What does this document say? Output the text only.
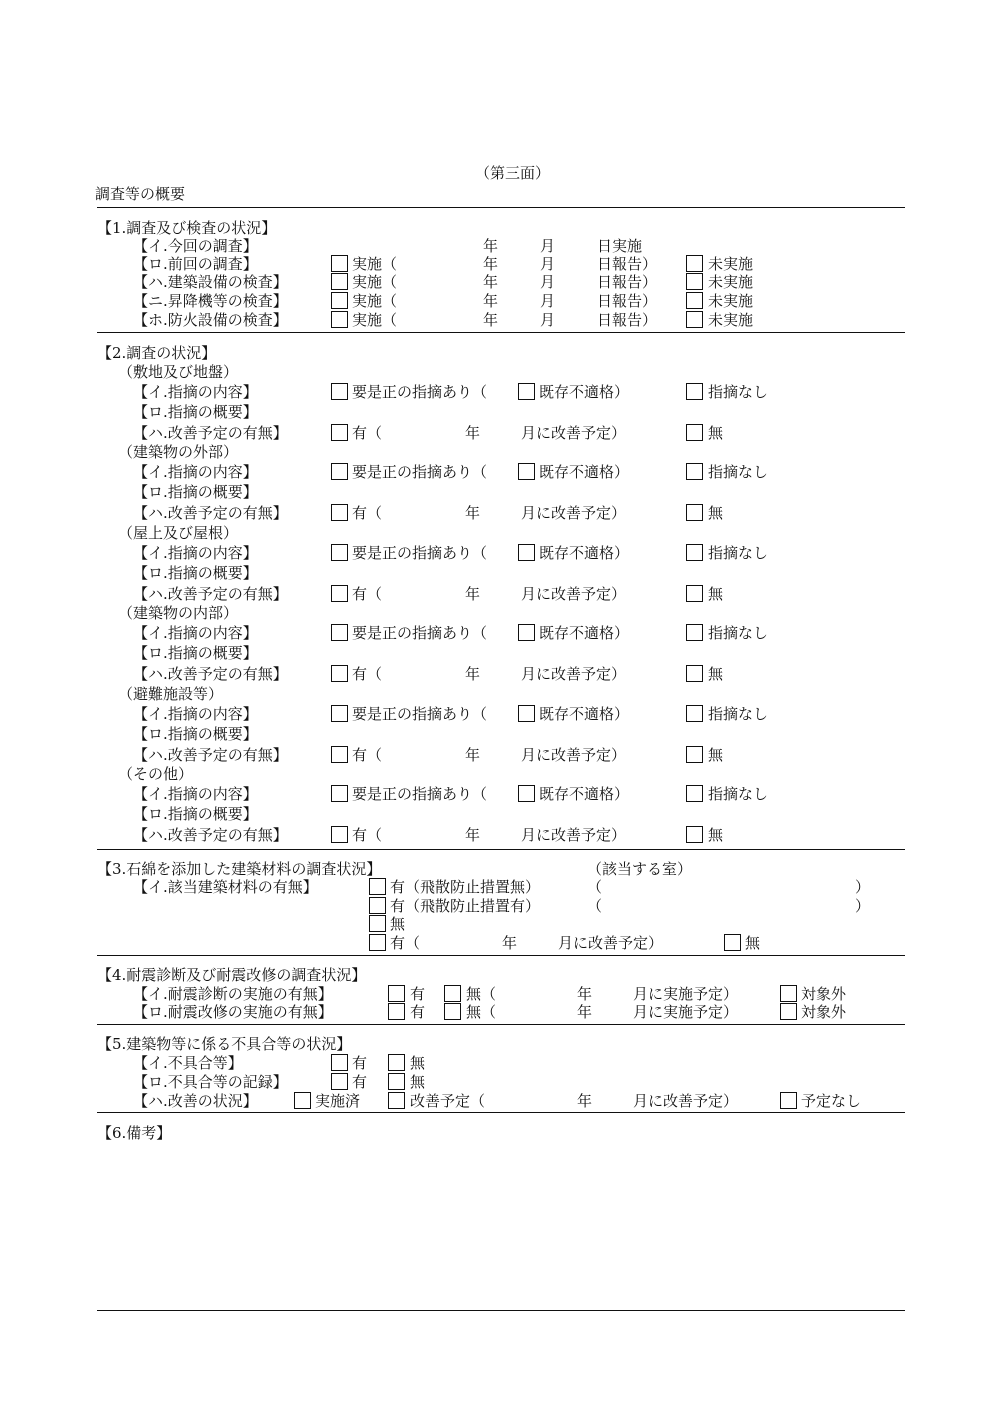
（第三面）
調査等の概要
【1.調査及び検査の状況】
【イ.今回の調査】	年	月	日実施
【ロ.前回の調査】	実施（	年	月	日報告）	未実施
【ハ.建築設備の検査】	実施（	年	月	日報告）	未実施
【ニ.昇降機等の検査】	実施（	年	月	日報告）	未実施
【ホ.防火設備の検査】	実施（	年	月	日報告）	未実施
【2.調査の状況】
（敷地及び地盤）
【イ.指摘の内容】	要是正の指摘あり（	既存不適格）	指摘なし
【ロ.指摘の概要】
【ハ.改善予定の有無】	有（	年	月に改善予定）	無
（建築物の外部）
【イ.指摘の内容】	要是正の指摘あり（	既存不適格）	指摘なし
【ロ.指摘の概要】
【ハ.改善予定の有無】	有（	年	月に改善予定）	無
（屋上及び屋根）
【イ.指摘の内容】	要是正の指摘あり（	既存不適格）	指摘なし
【ロ.指摘の概要】
【ハ.改善予定の有無】	有（	年	月に改善予定）	無
（建築物の内部）
【イ.指摘の内容】	要是正の指摘あり（	既存不適格）	指摘なし
【ロ.指摘の概要】
【ハ.改善予定の有無】	有（	年	月に改善予定）	無
（避難施設等）
【イ.指摘の内容】	要是正の指摘あり（	既存不適格）	指摘なし
【ロ.指摘の概要】
【ハ.改善予定の有無】	有（	年	月に改善予定）	無
（その他）
【イ.指摘の内容】	要是正の指摘あり（	既存不適格）	指摘なし
【ロ.指摘の概要】
【ハ.改善予定の有無】	有（	年	月に改善予定）	無
【3.石綿を添加した建築材料の調査状況】	（該当する室）
【イ.該当建築材料の有無】	有（飛散防止措置無）	（	）
有（飛散防止措置有）	（	）
無
有（	年	月に改善予定）	無
【4.耐震診断及び耐震改修の調査状況】
【イ.耐震診断の実施の有無】	有	無（	年	月に実施予定）	対象外
【ロ.耐震改修の実施の有無】	有	無（	年	月に実施予定）	対象外
【5.建築物等に係る不具合等の状況】
【イ.不具合等】	有	無
【ロ.不具合等の記録】	有	無
【ハ.改善の状況】	実施済	改善予定（	年	月に改善予定）	予定なし
【6.備考】
